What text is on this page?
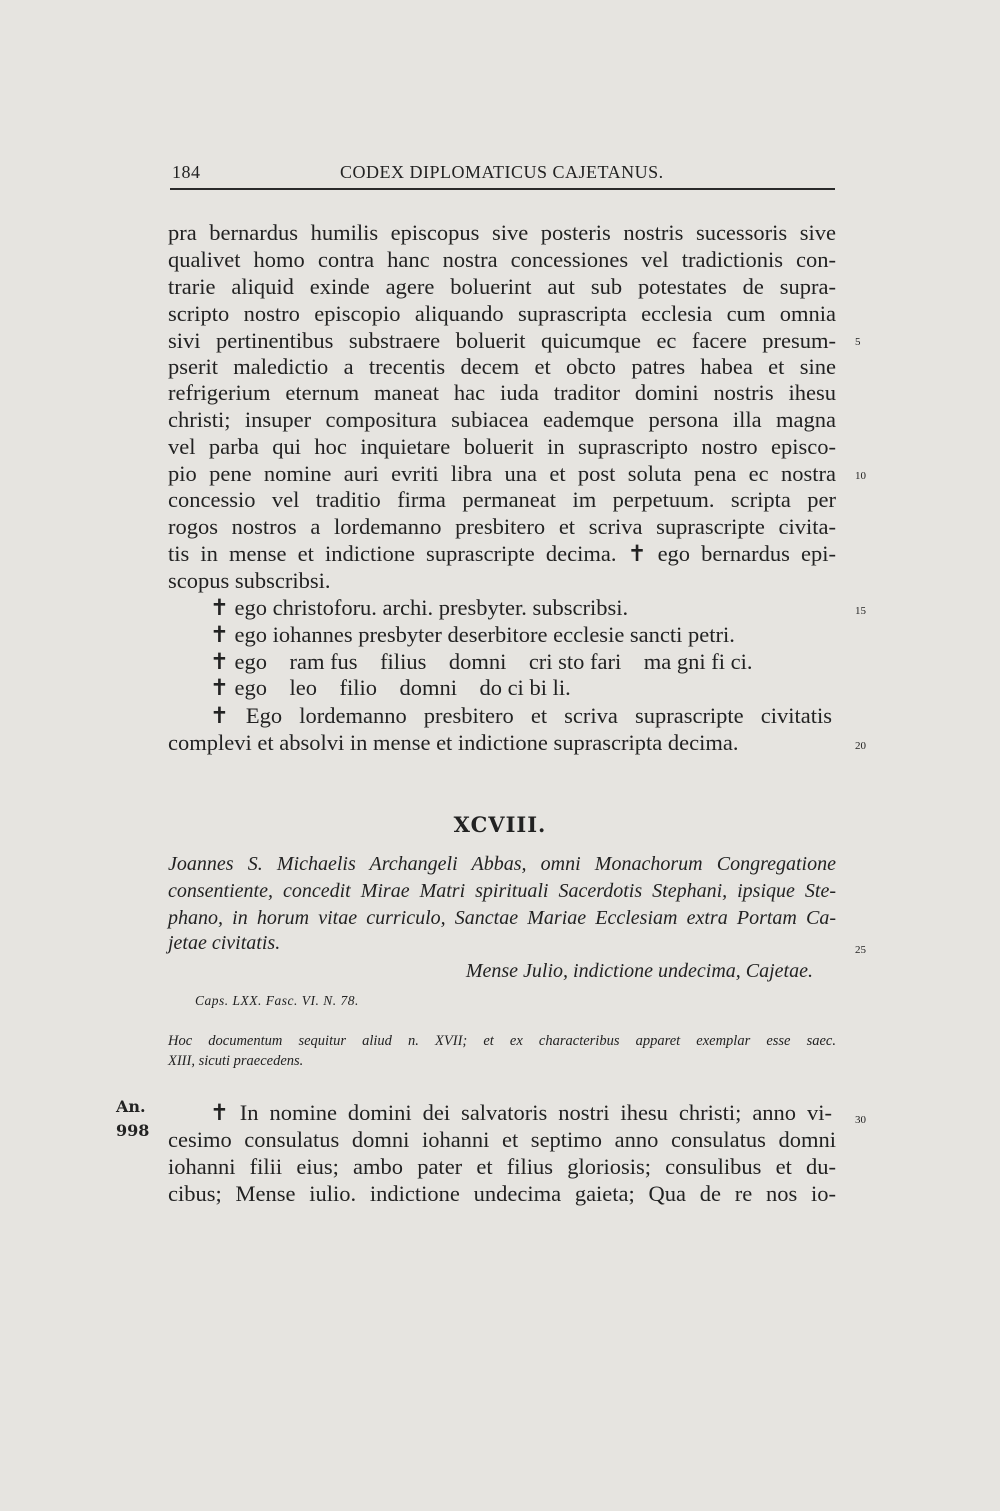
184	CODEX DIPLOMATICUS CAJETANUS.
pra bernardus humilis episcopus sive posteris nostris sucessoris sive
qualivet homo contra hanc nostra concessiones vel tradictionis con-
trarie aliquid exinde agere boluerint aut sub potestates de supra-
scripto nostro episcopio aliquando suprascripta ecclesia cum omnia
sivi pertinentibus substraere boluerit quicumque ec facere presum-
pserit maledictio a trecentis decem et obcto patres habea et sine
refrigerium eternum maneat hac iuda traditor domini nostris ihesu
christi; insuper compositura subiacea eademque persona illa magna
vel parba qui hoc inquietare boluerit in suprascripto nostro episco-
pio pene nomine auri evriti libra una et post soluta pena ec nostra
concessio vel traditio firma permaneat im perpetuum. scripta per
rogos nostros a lordemanno presbitero et scriva suprascripte civita-
tis in mense et indictione suprascripte decima. ✝ ego bernardus epi-
scopus subscribsi.
✝ ego christoforu. archi. presbyter. subscribsi.
✝ ego iohannes presbyter deserbitore ecclesie sancti petri.
✝ ego    ram fus    filius    domni    cri sto fari    ma gni fi ci.
✝ ego    leo    filio    domni    do ci bi li.
✝ Ego lordemanno presbitero et scriva suprascripte civitatis
complevi et absolvi in mense et indictione suprascripta decima.
5
10
15
20
25
30
XCVIII.
Joannes S. Michaelis Archangeli Abbas, omni Monachorum Congregatione
consentiente, concedit Mirae Matri spirituali Sacerdotis Stephani, ipsique Ste-
phano, in horum vitae curriculo, Sanctae Mariae Ecclesiam extra Portam Ca-
jetae civitatis.
Mense Julio, indictione undecima, Cajetae.
Caps. LXX. Fasc. VI. N. 78.
Hoc documentum sequitur aliud n. XVII; et ex characteribus apparet exemplar esse saec.
XIII, sicuti praecedens.
An.
998
✝ In nomine domini dei salvatoris nostri ihesu christi; anno vi-
cesimo consulatus domni iohanni et septimo anno consulatus domni
iohanni filii eius; ambo pater et filius gloriosis; consulibus et du-
cibus; Mense iulio. indictione undecima gaieta; Qua de re nos io-
